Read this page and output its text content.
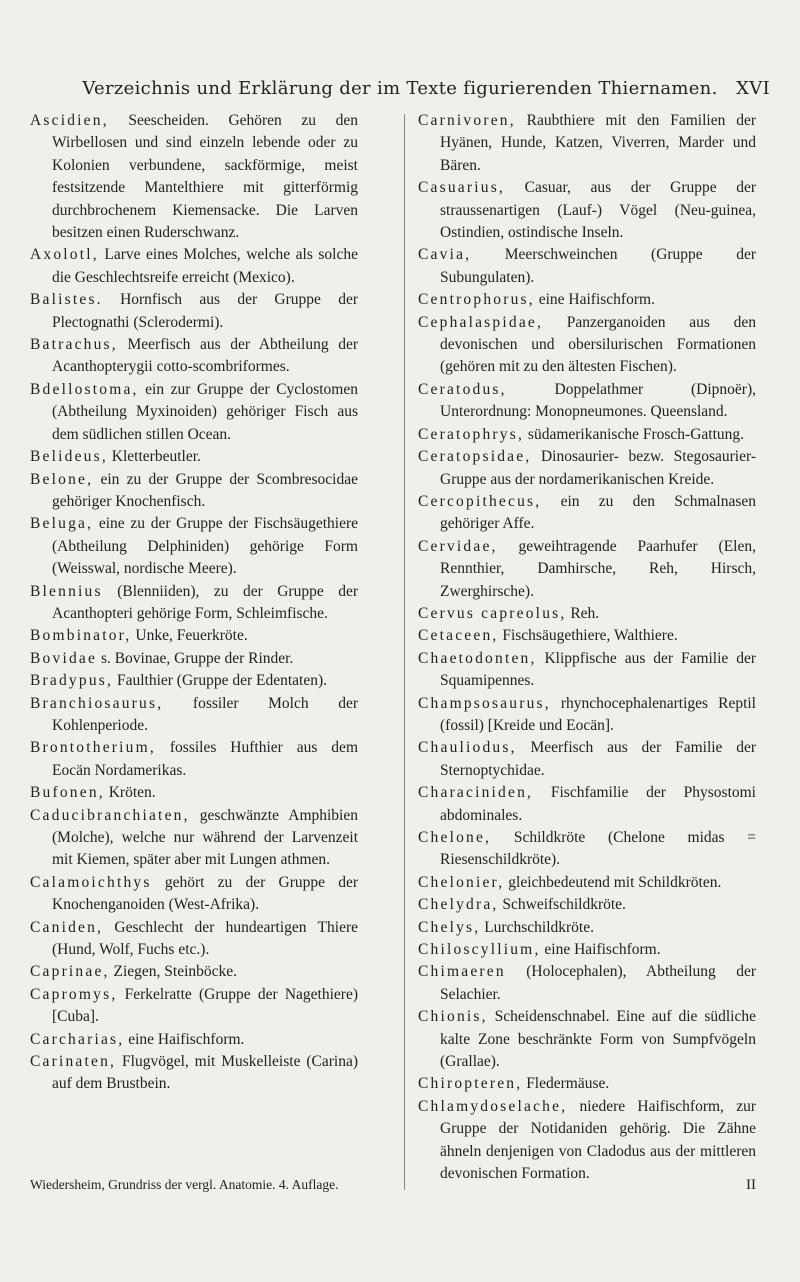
Verzeichnis und Erklärung der im Texte figurierenden Thiernamen.	XVI

Ascidien, Seescheiden. Gehören zu den Wirbellosen und sind einzeln lebende oder zu Kolonien verbundene, sackförmige, meist festsitzende Mantelthiere mit gitterförmig durchbrochenem Kiemensacke. Die Larven besitzen einen Ruderschwanz.

Axolotl, Larve eines Molches, welche als solche die Geschlechtsreife erreicht (Mexico).

Balistes. Hornfisch aus der Gruppe der Plectognathi (Sclerodermi).

Batrachus, Meerfisch aus der Abtheilung der Acanthopterygii cotto-scombriformes.

Bdellostoma, ein zur Gruppe der Cyclostomen (Abtheilung Myxinoiden) gehöriger Fisch aus dem südlichen stillen Ocean.

Belideus, Kletterbeutler.

Belone, ein zu der Gruppe der Scombresocidae gehöriger Knochenfisch.

Beluga, eine zu der Gruppe der Fischsäugethiere (Abtheilung Delphiniden) gehörige Form (Weisswal, nordische Meere).

Blennius (Blenniiden), zu der Gruppe der Acanthopteri gehörige Form, Schleimfische.

Bombinator, Unke, Feuerkröte.

Bovidae s. Bovinae, Gruppe der Rinder.

Bradypus, Faulthier (Gruppe der Edentaten).

Branchiosaurus, fossiler Molch der Kohlenperiode.

Brontotherium, fossiles Hufthier aus dem Eocän Nordamerikas.

Bufonen, Kröten.

Caducibranchiaten, geschwänzte Amphibien (Molche), welche nur während der Larvenzeit mit Kiemen, später aber mit Lungen athmen.

Calamoichthys gehört zu der Gruppe der Knochenganoiden (West-Afrika).

Caniden, Geschlecht der hundeartigen Thiere (Hund, Wolf, Fuchs etc.).

Caprinae, Ziegen, Steinböcke.

Capromys, Ferkelratte (Gruppe der Nagethiere) [Cuba].

Carcharias, eine Haifischform.

Carinaten, Flugvögel, mit Muskelleiste (Carina) auf dem Brustbein.

Carnivoren, Raubthiere mit den Familien der Hyänen, Hunde, Katzen, Viverren, Marder und Bären.

Casuarius, Casuar, aus der Gruppe der straussenartigen (Lauf-) Vögel (Neu-guinea, Ostindien, ostindische Inseln.

Cavia, Meerschweinchen (Gruppe der Subungulaten).

Centrophorus, eine Haifischform.

Cephalaspidae, Panzerganoiden aus den devonischen und obersilurischen Formationen (gehören mit zu den ältesten Fischen).

Ceratodus, Doppelathmer (Dipnoër), Unterordnung: Monopneumones. Queensland.

Ceratophrys, südamerikanische Frosch-Gattung.

Ceratopsidae, Dinosaurier- bezw. Stegosaurier-Gruppe aus der nordamerikanischen Kreide.

Cercopithecus, ein zu den Schmalnasen gehöriger Affe.

Cervidae, geweihtragende Paarhufer (Elen, Rennthier, Damhirsche, Reh, Hirsch, Zwerghirsche).

Cervus capreolus, Reh.

Cetaceen, Fischsäugethiere, Walthiere.

Chaetodonten, Klippfische aus der Familie der Squamipennes.

Champsosaurus, rhynchocephalenartiges Reptil (fossil) [Kreide und Eocän].

Chauliodus, Meerfisch aus der Familie der Sternoptychidae.

Characiniden, Fischfamilie der Physostomi abdominales.

Chelone, Schildkröte (Chelone midas = Riesenschildkröte).

Chelonier, gleichbedeutend mit Schildkröten.

Chelydra, Schweifschildkröte.

Chelys, Lurchschildkröte.

Chiloscyllium, eine Haifischform.

Chimaeren (Holocephalen), Abtheilung der Selachier.

Chionis, Scheidenschnabel. Eine auf die südliche kalte Zone beschränkte Form von Sumpfvögeln (Grallae).

Chiropteren, Fledermäuse.

Chlamydoselache, niedere Haifischform, zur Gruppe der Notidaniden gehörig. Die Zähne ähneln denjenigen von Cladodus aus der mittleren devonischen Formation.

Wiedersheim, Grundriss der vergl. Anatomie. 4. Auflage.	II
